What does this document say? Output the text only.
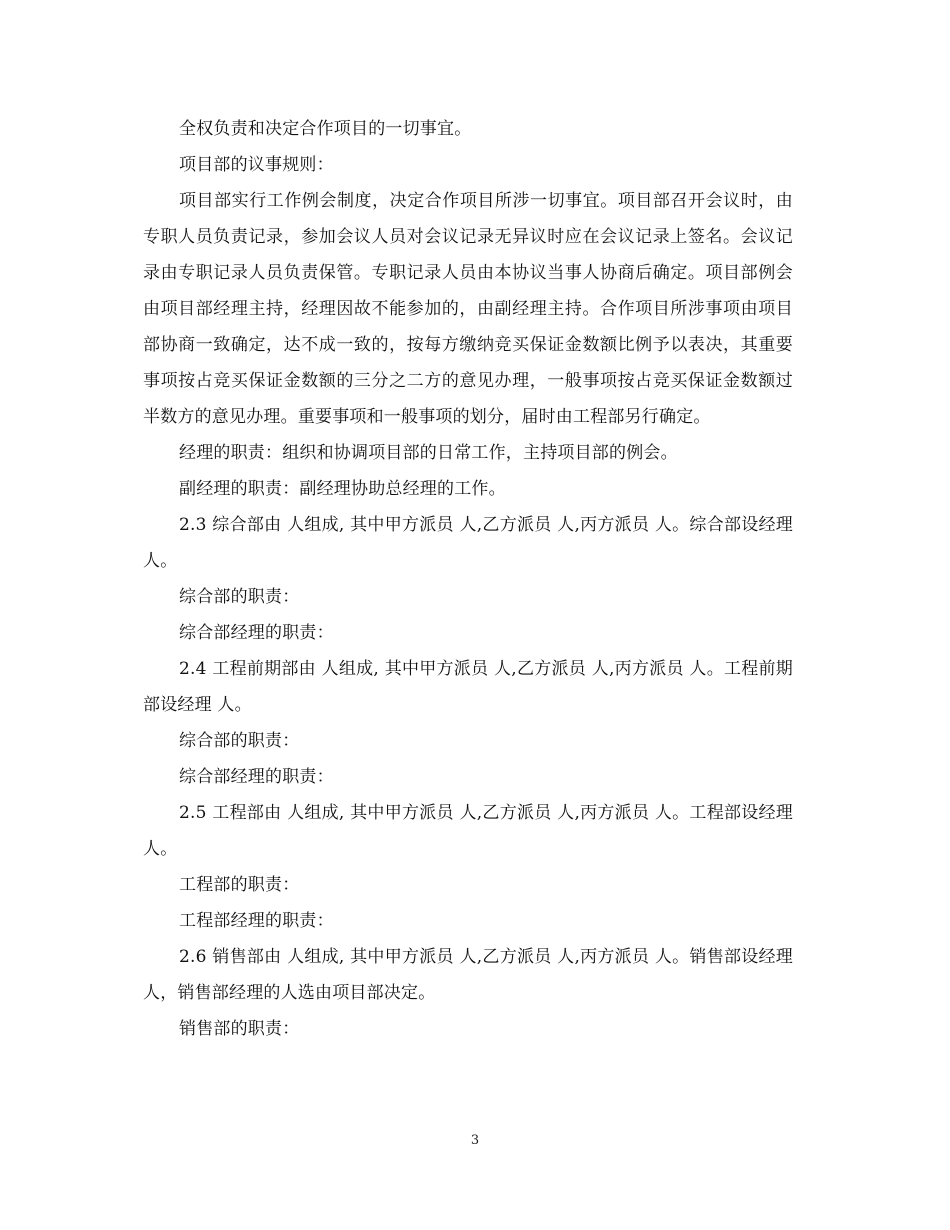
全权负责和决定合作项目的一切事宜。

项目部的议事规则：

项目部实行工作例会制度，决定合作项目所涉一切事宜。项目部召开会议时，由专职人员负责记录，参加会议人员对会议记录无异议时应在会议记录上签名。会议记录由专职记录人员负责保管。专职记录人员由本协议当事人协商后确定。项目部例会由项目部经理主持，经理因故不能参加的，由副经理主持。合作项目所涉事项由项目部协商一致确定，达不成一致的，按每方缴纳竞买保证金数额比例予以表决，其重要事项按占竞买保证金数额的三分之二方的意见办理，一般事项按占竞买保证金数额过半数方的意见办理。重要事项和一般事项的划分，届时由工程部另行确定。

经理的职责：组织和协调项目部的日常工作，主持项目部的例会。

副经理的职责：副经理协助总经理的工作。

2.3 综合部由 人组成, 其中甲方派员 人,乙方派员 人,丙方派员 人。综合部设经理 人。

综合部的职责：

综合部经理的职责：

2.4 工程前期部由 人组成, 其中甲方派员 人,乙方派员 人,丙方派员 人。工程前期部设经理 人。

综合部的职责：

综合部经理的职责：

2.5 工程部由 人组成, 其中甲方派员 人,乙方派员 人,丙方派员 人。工程部设经理 人。

工程部的职责：

工程部经理的职责：

2.6 销售部由 人组成, 其中甲方派员 人,乙方派员 人,丙方派员 人。销售部设经理 人，销售部经理的人选由项目部决定。

销售部的职责：

3
